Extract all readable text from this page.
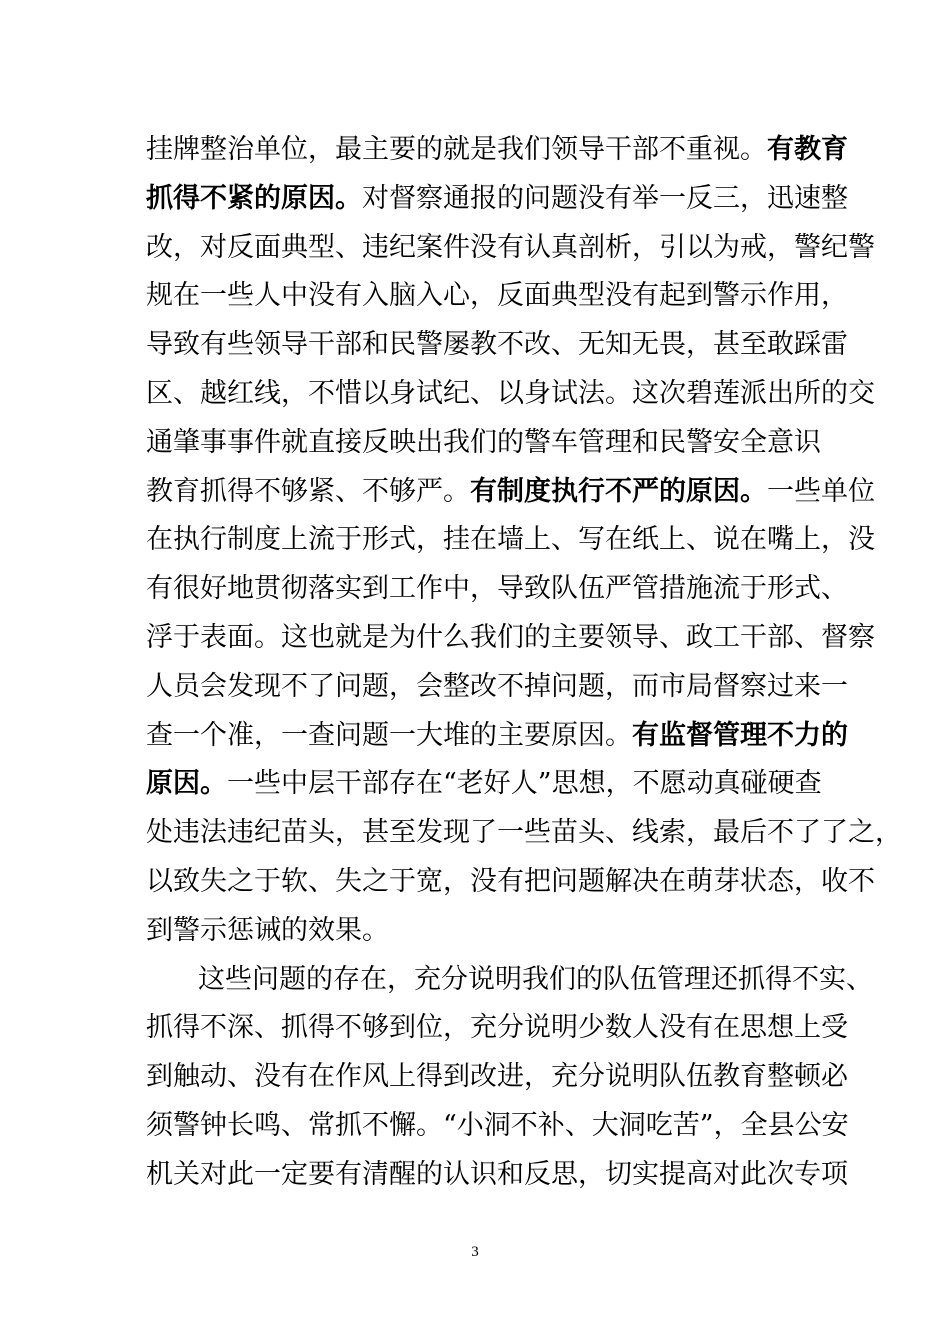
挂牌整治单位，最主要的就是我们领导干部不重视。有教育
抓得不紧的原因。对督察通报的问题没有举一反三，迅速整
改，对反面典型、违纪案件没有认真剖析，引以为戒，警纪警
规在一些人中没有入脑入心，反面典型没有起到警示作用，
导致有些领导干部和民警屡教不改、无知无畏，甚至敢踩雷
区、越红线，不惜以身试纪、以身试法。这次碧莲派出所的交
通肇事事件就直接反映出我们的警车管理和民警安全意识
教育抓得不够紧、不够严。有制度执行不严的原因。一些单位
在执行制度上流于形式，挂在墙上、写在纸上、说在嘴上，没
有很好地贯彻落实到工作中，导致队伍严管措施流于形式、
浮于表面。这也就是为什么我们的主要领导、政工干部、督察
人员会发现不了问题，会整改不掉问题，而市局督察过来一
查一个准，一查问题一大堆的主要原因。有监督管理不力的
原因。一些中层干部存在“老好人”思想，不愿动真碰硬查
处违法违纪苗头，甚至发现了一些苗头、线索，最后不了了之，
以致失之于软、失之于宽，没有把问题解决在萌芽状态，收不
到警示惩诫的效果。
这些问题的存在，充分说明我们的队伍管理还抓得不实、
抓得不深、抓得不够到位，充分说明少数人没有在思想上受
到触动、没有在作风上得到改进，充分说明队伍教育整顿必
须警钟长鸣、常抓不懈。“小洞不补、大洞吃苦”，全县公安
机关对此一定要有清醒的认识和反思，切实提高对此次专项
3
